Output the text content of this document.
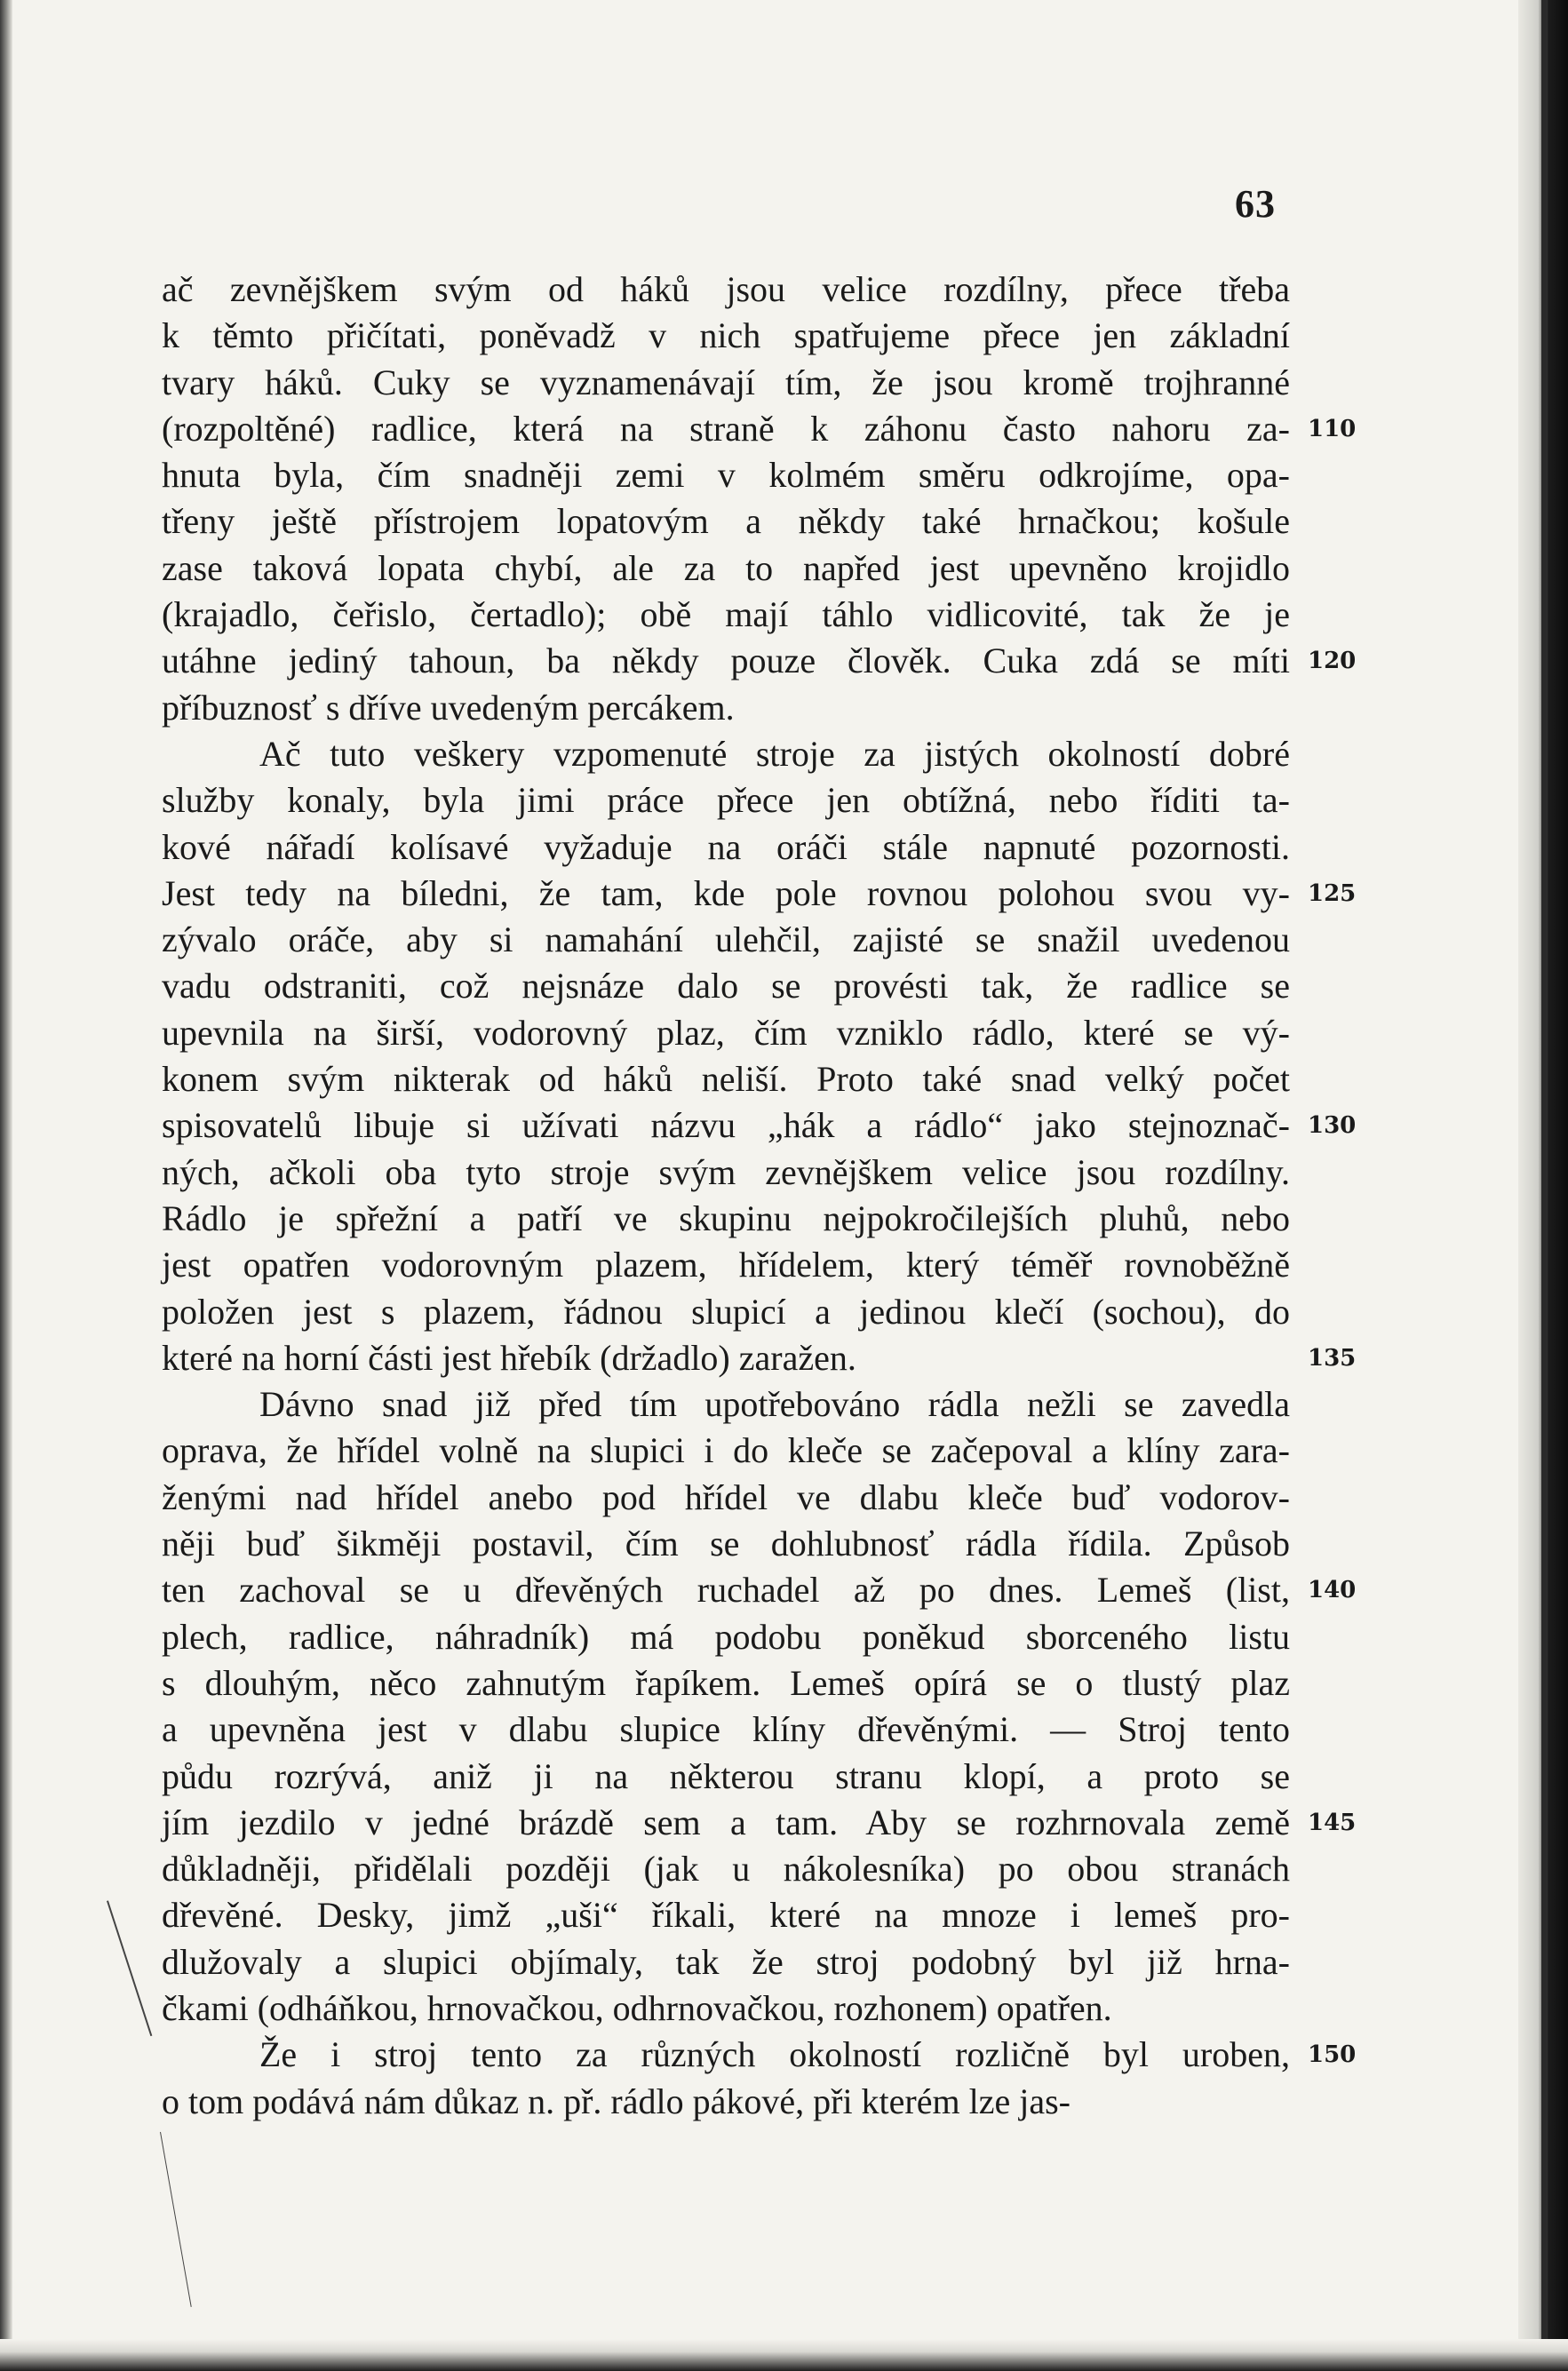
63
ač zevnějškem svým od háků jsou velice rozdílny, přece třeba
k těmto přičítati, poněvadž v nich spatřujeme přece jen základní
tvary háků. Cuky se vyznamenávají tím, že jsou kromě trojhranné
(rozpoltěné) radlice, která na straně k záhonu často nahoru za- 110
hnuta byla, čím snadněji zemi v kolmém směru odkrojíme, opa-
třeny ještě přístrojem lopatovým a někdy také hrnačkou; košule
zase taková lopata chybí, ale za to napřed jest upevněno krojidlo
(krajadlo, čeřislo, čertadlo); obě mají táhlo vidlicovité, tak že je
utáhne jediný tahoun, ba někdy pouze člověk. Cuka zdá se míti 120
příbuznosť s dříve uvedeným percákem.
Ač tuto veškery vzpomenuté stroje za jistých okolností dobré
služby konaly, byla jimi práce přece jen obtížná, nebo říditi ta-
kové nářadí kolísavé vyžaduje na oráči stále napnuté pozornosti.
Jest tedy na bíledni, že tam, kde pole rovnou polohou svou vy- 125
zývalo oráče, aby si namahání ulehčil, zajisté se snažil uvedenou
vadu odstraniti, což nejsnáze dalo se provésti tak, že radlice se
upevnila na širší, vodorovný plaz, čím vzniklo rádlo, které se vý-
konem svým nikterak od háků neliší. Proto také snad velký počet
spisovatelů libuje si užívati názvu „hák a rádlo“ jako stejnoznač- 130
ných, ačkoli oba tyto stroje svým zevnějškem velice jsou rozdílny.
Rádlo je spřežní a patří ve skupinu nejpokročilejších pluhů, nebo
jest opatřen vodorovným plazem, hřídelem, který téměř rovnoběžně
položen jest s plazem, řádnou slupicí a jedinou klečí (sochou), do
které na horní části jest hřebík (držadlo) zaražen.	135
Dávno snad již před tím upotřebováno rádla nežli se zavedla
oprava, že hřídel volně na slupici i do kleče se začepoval a klíny zara-
ženými nad hřídel anebo pod hřídel ve dlabu kleče buď vodorov-
něji buď šikměji postavil, čím se dohlubnosť rádla řídila. Způsob
ten zachoval se u dřevěných ruchadel až po dnes. Lemeš (list, 140
plech, radlice, náhradník) má podobu poněkud sborceného listu
s dlouhým, něco zahnutým řapíkem. Lemeš opírá se o tlustý plaz
a upevněna jest v dlabu slupice klíny dřevěnými. — Stroj tento
půdu rozrývá, aniž ji na některou stranu klopí, a proto se
jím jezdilo v jedné brázdě sem a tam. Aby se rozhrnovala země 145
důkladněji, přidělali později (jak u nákolesníka) po obou stranách
dřevěné. Desky, jimž „uši“ říkali, které na mnoze i lemeš pro-
dlužovaly a slupici objímaly, tak že stroj podobný byl již hrna-
čkami (odháňkou, hrnovačkou, odhrnovačkou, rozhonem) opatřen.
Že i stroj tento za různých okolností rozličně byl uroben, 150
o tom podává nám důkaz n. př. rádlo pákové, při kterém lze jas-
